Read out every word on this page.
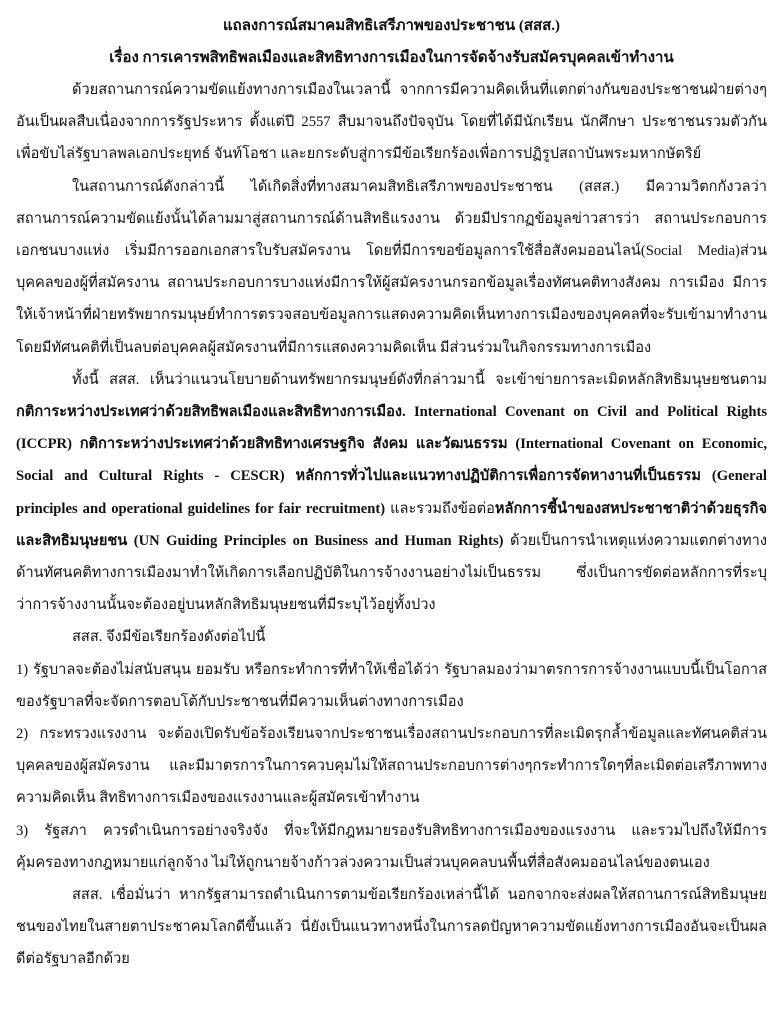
แถลงการณ์สมาคมสิทธิเสรีภาพของประชาชน (สสส.)
เรื่อง การเคารพสิทธิพลเมืองและสิทธิทางการเมืองในการจัดจ้างรับสมัครบุคคลเข้าทำงาน

ด้วยสถานการณ์ความขัดแย้งทางการเมืองในเวลานี้ จากการมีความคิดเห็นที่แตกต่างกันของประชาชนฝ่ายต่างๆ อันเป็นผลสืบเนื่องจากการรัฐประหาร ตั้งแต่ปี 2557 สืบมาจนถึงปัจจุบัน โดยที่ได้มีนักเรียน นักศึกษา ประชาชนรวมตัวกันเพื่อขับไล่รัฐบาลพลเอกประยุทธ์ จันท์โอชา และยกระดับสู่การมีข้อเรียกร้องเพื่อการปฏิรูปสถาบันพระมหากษัตริย์

ในสถานการณ์ดังกล่าวนี้ ได้เกิดสิ่งที่ทางสมาคมสิทธิเสรีภาพของประชาชน (สสส.) มีความวิตกกังวลว่าสถานการณ์ความขัดแย้งนั้นได้ลามมาสู่สถานการณ์ด้านสิทธิแรงงาน ด้วยมีปรากฏข้อมูลข่าวสารว่า สถานประกอบการเอกชนบางแห่ง เริ่มมีการออกเอกสารใบรับสมัครงาน โดยที่มีการขอข้อมูลการใช้สื่อสังคมออนไลน์(Social Media)ส่วนบุคคลของผู้ที่สมัครงาน สถานประกอบการบางแห่งมีการให้ผู้สมัครงานกรอกข้อมูลเรื่องทัศนคติทางสังคม การเมือง มีการให้เจ้าหน้าที่ฝ่ายทรัพยากรมนุษย์ทำการตรวจสอบข้อมูลการแสดงความคิดเห็นทางการเมืองของบุคคลที่จะรับเข้ามาทำงานโดยมีทัศนคติที่เป็นลบต่อบุคคลผู้สมัครงานที่มีการแสดงความคิดเห็น มีส่วนร่วมในกิจกรรมทางการเมือง

ทั้งนี้ สสส. เห็นว่าแนวนโยบายด้านทรัพยากรมนุษย์ดังที่กล่าวมานี้ จะเข้าข่ายการละเมิดหลักสิทธิมนุษยชนตาม กติการะหว่างประเทศว่าด้วยสิทธิพลเมืองและสิทธิทางการเมือง. International Covenant on Civil and Political Rights (ICCPR) กติการะหว่างประเทศว่าด้วยสิทธิทางเศรษฐกิจ สังคม และวัฒนธรรม (International Covenant on Economic, Social and Cultural Rights - CESCR) หลักการทั่วไปและแนวทางปฏิบัติการเพื่อการจัดหางานที่เป็นธรรม (General principles and operational guidelines for fair recruitment) และรวมถึงข้อต่อหลักการชี้นำของสหประชาชาติว่าด้วยธุรกิจและสิทธิมนุษยชน (UN Guiding Principles on Business and Human Rights) ด้วยเป็นการนำเหตุแห่งความแตกต่างทางด้านทัศนคติทางการเมืองมาทำให้เกิดการเลือกปฏิบัติในการจ้างงานอย่างไม่เป็นธรรม ซึ่งเป็นการขัดต่อหลักการที่ระบุว่าการจ้างงานนั้นจะต้องอยู่บนหลักสิทธิมนุษยชนที่มีระบุไว้อยู่ทั้งปวง

สสส. จึงมีข้อเรียกร้องดังต่อไปนี้

1) รัฐบาลจะต้องไม่สนับสนุน ยอมรับ หรือกระทำการที่ทำให้เชื่อได้ว่า รัฐบาลมองว่ามาตรการการจ้างงานแบบนี้เป็นโอกาสของรัฐบาลที่จะจัดการตอบโต้กับประชาชนที่มีความเห็นต่างทางการเมือง

2) กระทรวงแรงงาน จะต้องเปิดรับข้อร้องเรียนจากประชาชนเรื่องสถานประกอบการที่ละเมิดรุกล้ำข้อมูลและทัศนคติส่วนบุคคลของผู้สมัครงาน และมีมาตรการในการควบคุมไม่ให้สถานประกอบการต่างๆกระทำการใดๆที่ละเมิดต่อเสรีภาพทางความคิดเห็น สิทธิทางการเมืองของแรงงานและผู้สมัครเข้าทำงาน

3) รัฐสภา ควรดำเนินการอย่างจริงจัง ที่จะให้มีกฎหมายรองรับสิทธิทางการเมืองของแรงงาน และรวมไปถึงให้มีการคุ้มครองทางกฎหมายแก่ลูกจ้าง ไม่ให้ถูกนายจ้างก้าวล่วงความเป็นส่วนบุคคลบนพื้นที่สื่อสังคมออนไลน์ของตนเอง

สสส. เชื่อมั่นว่า หากรัฐสามารถดำเนินการตามข้อเรียกร้องเหล่านี้ได้ นอกจากจะส่งผลให้สถานการณ์สิทธิมนุษยชนของไทยในสายตาประชาคมโลกดีขึ้นแล้ว นี่ยังเป็นแนวทางหนึ่งในการลดปัญหาความขัดแย้งทางการเมืองอันจะเป็นผลดีต่อรัฐบาลอีกด้วย
